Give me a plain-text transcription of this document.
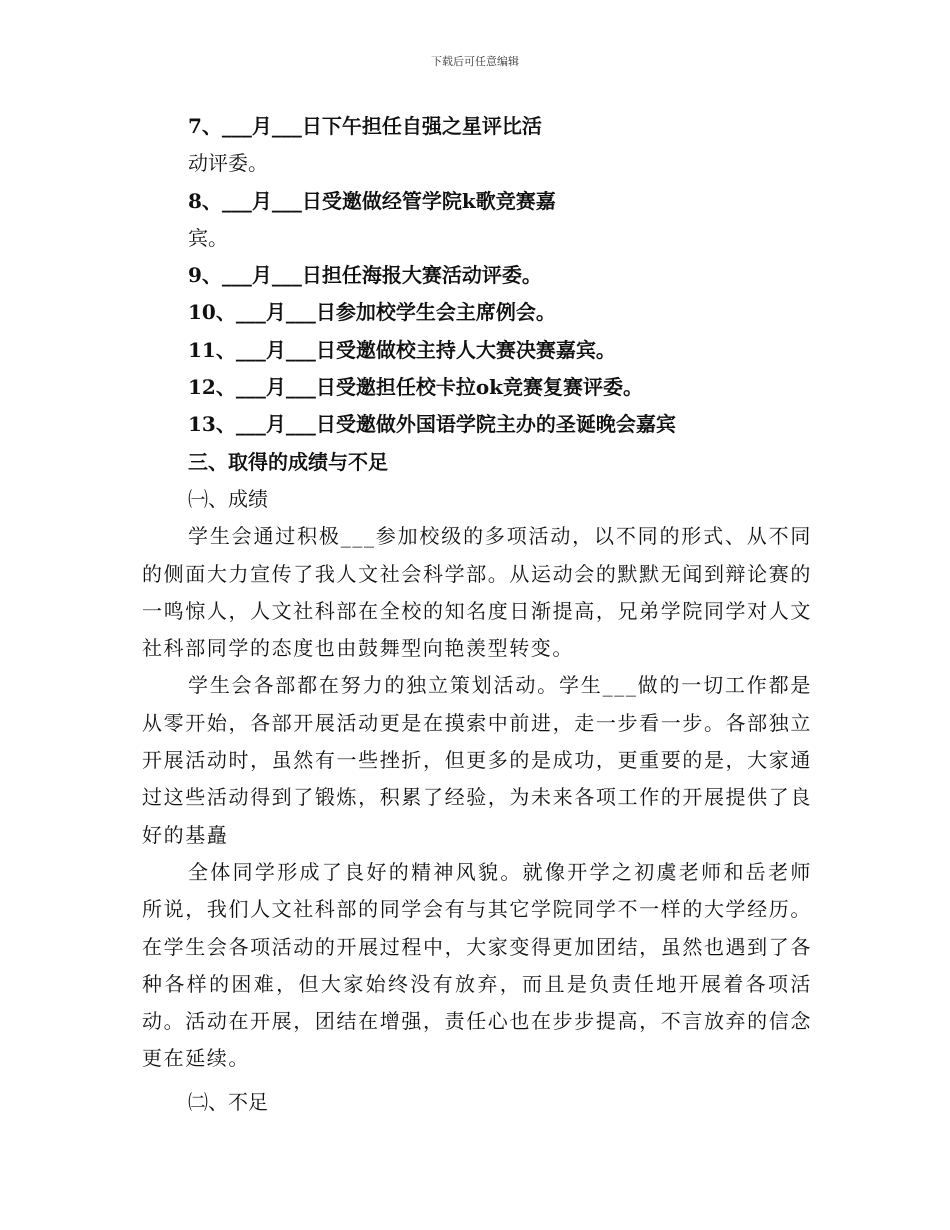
下载后可任意编辑
7、___月___日下午担任自强之星评比活
动评委。
8、___月___日受邀做经管学院k歌竞赛嘉
宾。
9、___月___日担任海报大赛活动评委。
10、___月___日参加校学生会主席例会。
11、___月___日受邀做校主持人大赛决赛嘉宾。
12、___月___日受邀担任校卡拉ok竞赛复赛评委。
13、___月___日受邀做外国语学院主办的圣诞晚会嘉宾
三、取得的成绩与不足
㈠、成绩

学生会通过积极___参加校级的多项活动，以不同的形式、从不同的侧面大力宣传了我人文社会科学部。从运动会的默默无闻到辩论赛的一鸣惊人，人文社科部在全校的知名度日渐提高，兄弟学院同学对人文社科部同学的态度也由鼓舞型向艳羡型转变。

学生会各部都在努力的独立策划活动。学生___做的一切工作都是从零开始，各部开展活动更是在摸索中前进，走一步看一步。各部独立开展活动时，虽然有一些挫折，但更多的是成功，更重要的是，大家通过这些活动得到了锻炼，积累了经验，为未来各项工作的开展提供了良好的基矗

全体同学形成了良好的精神风貌。就像开学之初虞老师和岳老师所说，我们人文社科部的同学会有与其它学院同学不一样的大学经历。在学生会各项活动的开展过程中，大家变得更加团结，虽然也遇到了各种各样的困难，但大家始终没有放弃，而且是负责任地开展着各项活动。活动在开展，团结在增强，责任心也在步步提高，不言放弃的信念更在延续。

㈡、不足
